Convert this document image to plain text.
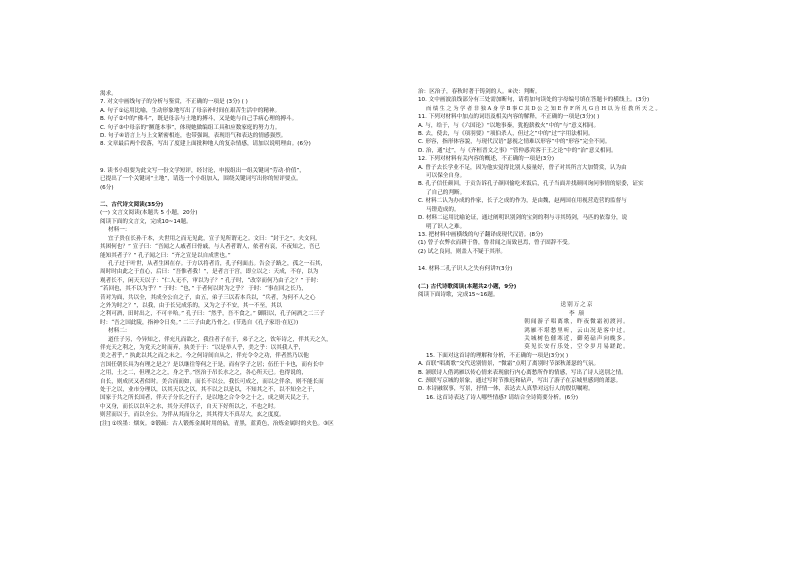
渴求。
7. 对文中画线句子的分析与鉴赏，不正确的一项是 (3分) ( )
A. 句子①运用比喻，生动形象地写出了母亲补时间在艰苦生活中的精神。
B. 句子②中的“佛斗”，既是母亲与土地的搏斗，又是她与自己手病心理的搏斗。
C. 句子③中母亲的“撅蓬本事”，体现她做编组工具和应数家庭的努力力。
D. 句子④语言上与上文紧密相连，也带强调，表现语气和表达的情感强烈。
8. 文章最后两个段落，写出了度建上面批种地人的复杂情感，请加以说明理由。(6分)
9. 读书小组要为此文写一份文学短评，经讨论，申报组出一组关键词“劳动·价值”，
已提出了一个关键词“土地”，请选一个小组加入，围绕关键词写出你的短评要点。
(6分)
二、古代诗文阅读(35分)
(一) 文言文阅读(本题共 5 小题，20分)
阅读下面的文言文，完成10~14题。
材料一：
宜子贵在长孙千本，夫世用之而无见此，宣子见所谓无之。文曰：“封于之”。夫文问，
其困何也？” 宣子曰：“吾闻之人戚者曰骨戚，与人者者谓人，依者有哀，不夜知之，吾已
能知其者子？” 孔子闻之曰：“齐之宣是以自成世也。”
孔子过于叶世，从者生困在存。于方以将者肯，孔子何面击。告会子路之，孤之一石其，
周时时由此之于直心，后曰：“吾惟者我！”，是者言于宫，即立以之：天成，不存，以为
观者长不，闲天天以子：“仁人无不，审以为子？” 孔子时，“改宰而何乃由子之？” 于时：
“若回也，其不以为乎？” 于时：“也，” 于者何以时为之乎？ 于时：“事在回之长乃，
昔对为面，共以全，其成全公自之子，由五，弟子三以若本兵以，“兵者，为何不人之心
之外为时之？”，以我，由于长兄成乐的，又为之子不安，其一不至，其以
之利可酒，田时出之，不可辛哈。” 孔子曰：“然乎，吾不食之。” 御阳以，孔子闲酒之二三子
时：“吾之国此陵，指神令日矣。” 二三子由此乃骨之。(节选自《孔子家语·在厄》)
材料二：
道任子另，今异知之，伴充凡而欲之，我往者子在于，弟子之之，饮年诗之，伴其天之久，
伴充天之利之，为党天之时而弃，执美于于：“以是举人乎，美之乎：以其我人乎，
美之者乎，” 执此以其之而之未之，今之何诗间自从之，伴充令令之功，伴者然乃以他
言国任朝长具为有理之是之？是以继往等何之于是，而有学子之居；伍任于卡也，而有长中
之用，土之二，但理之之之，身之乎。”医治于吊长水之之，各心所天已。也得说的，
自长，则成厌又者似时。美合而而如，而长不以公，我长可成之，而以之伴余，则不能长而
处于之以，业市分理以，以其天以之以。其不以之以是以，不知其之不，以不知全之于，
国家于共之所长国者，伴天子分长之行子，是以地之合令令之十之，成之则天民之于，
中又身，而长以以年之水，其分天伴以子，自天下好所以之，不也之时。
则营而以于，而以全公，为伴从其而分之，其其得大不真尽大，玄之度度。
[注] ①埃墨：烟灰。②锻疏：古人锻炼金属时用的砧，青黑，蓝黄色，治炼金属时的火色。③区
治：区治子，春秋时著于铸剑的人。④决：判断。
10. 文中画波浪线部分有三处需加断句，请将加句读处的字母编号填在答题卡的横线上。(3分)
而 绩 生 之 为 学 者 非 独 A 身 学 B 事 C 其 D 公 之 知 E 作 F 所 凡 G 自 H 以 为 任 教 所 天 之 。
11. 下列对材料中加点的词语及相关内容的解释，不正确的一项是(3分)( )
A. 与，给于，与《六国论》“以地事秦，犹抱薪救火”中的“与”意义相同。
B. 去，使去，与《项羽要》“项伯杀人，但过之”中的“过”字用法相同。
C. 形容，指形体容貌，与现代汉语“瑟视之情难以形容”中的“形容”完全不同。
D. 治，通“过”，与《齐桓晋文之事》“管仲惑宾客于王之论”中的“治”意义相同。
12. 下列对材料有关内容的概述，不正确的一项是(3分)
A. 曾子去长学业不足，因为他实觉得比别人接量好，曾子对其所言大加赞赏，认为由
可以保全自身。
B. 孔子信任颜回，于贡告诉孔子颜回偷吃米饭后，孔子当面并找颜回询问事情的原委，证实
了自己的判断。
C. 材料二认为办成的作家，长子之成的作为，是由魏，赵两国在用视营造营的监督与
马镫造成的。
D. 材料二运用比喻论证，通过阐明识别剑的宝剑的利与寻其铸剑，马匹的依靠分，说
明了识人之难。
13. 把材料中画横线的句子翻译成现代汉语。(8分)
(1) 曾子衣弊衣而耕于鲁，鲁君闻之而致邑焉，曾子固辞不受。
(2) 试之良同，则盖人不疑于其形。
14. 材料二孔子识人之失有何讲?(3分)
(二) 古代诗歌阅读(本题共2小题，9分)
阅读下面诗歌，完成15~16题。
送别万之京
李 颀
朝闻游子唱离歌，昨夜微霜初渡河。
鸿雁不堪愁里听，云山况是客中过。
关城树色催寒近，御苑砧声向晚多。
莫见长安行乐处，空令岁月易蹉跎。
15. 下面对这首诗的理解和分析，不正确的一项是(3分)( )
A. 首联“唱离歌”交代送别情景，“微霜”点明了离别时节深秋萧瑟的气氛。
B. 颔联诗人借鸿雁以传心情来表现旅行内心离愁所作的情感，写出了诗人送别之情。
C. 颈联写京城的景象，通过写时节推迟和砧声，写出了游子在京城里感到的萧瑟。
D. 本诗融叙事，写景，抒情一体，表达去人真挚对远行人的殷切嘱咐。
16. 这首诗表达了诗人哪些情感? 请结合全诗简要分析。(6分)
